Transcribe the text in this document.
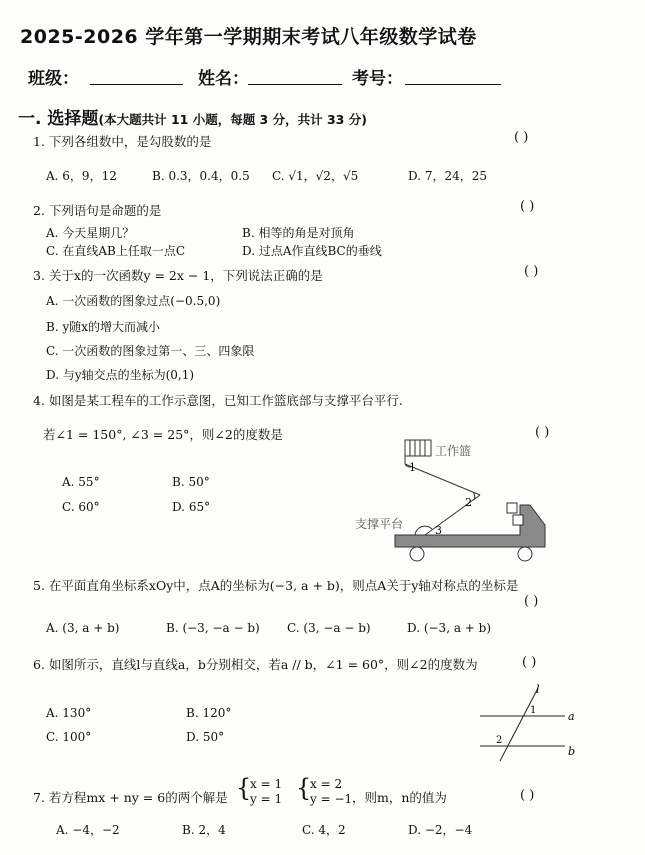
2025-2026 学年第一学期期末考试八年级数学试卷
班级：	姓名：	考号：
一. 选择题(本大题共计 11 小题，每题 3 分，共计 33 分)
1. 下列各组数中，是勾股数的是	( )
A. 6，9，12	B. 0.3，0.4，0.5 C. √1，√2，√5	D. 7，24，25
2. 下列语句是命题的是	( )
A. 今天星期几？	B. 相等的角是对顶角
C. 在直线AB上任取一点C	D. 过点A作直线BC的垂线
3. 关于x的一次函数y = 2x − 1，下列说法正确的是	( )
A. 一次函数的图象过点(−0.5,0)
B. y随x的增大而减小
C. 一次函数的图象过第一、三、四象限
D. 与y轴交点的坐标为(0,1)
4. 如图是某工程车的工作示意图，已知工作篮底部与支撑平台平行.
若∠1 = 150°, ∠3 = 25°，则∠2的度数是	( )
A. 55°	B. 50°
C. 60°	D. 65°
工作篮
支撑平台
1
2
3
5. 在平面直角坐标系xOy中，点A的坐标为(−3, a + b)，则点A关于y轴对称点的坐标是
( )
A. (3, a + b)	B. (−3, −a − b) C. (3, −a − b)	D. (−3, a + b)
6. 如图所示，直线l与直线a，b分别相交，若a // b，∠1 = 60°，则∠2的度数为	( )
A. 130°	B. 120°
C. 100°	D. 50°
l
a
b
1
2
7. 若方程mx + ny = 6的两个解是 {
x = 1
y = 1 {
x = 2
y = −1 ，则m，n的值为	( )
A. −4，−2	B. 2，4	C. 4，2	D. −2，−4
